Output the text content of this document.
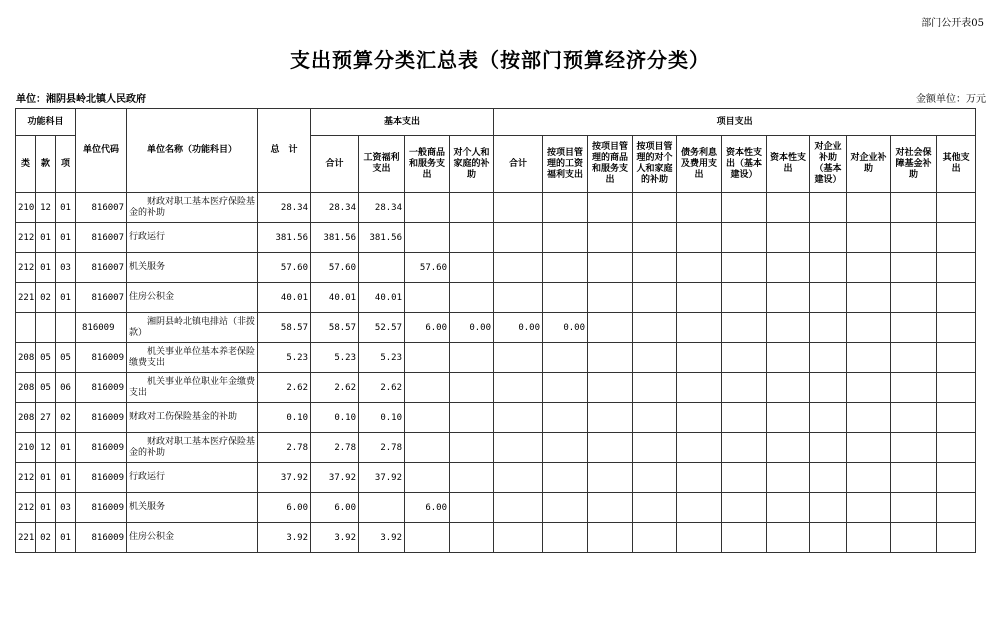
部门公开表05
支出预算分类汇总表（按部门预算经济分类）
单位：湘阴县岭北镇人民政府	金额单位：万元
功能科目			单位代码	单位名称（功能科目）	总　计	基本支出				项目支出										
类	款	项				合计	工资福利支出	一般商品和服务支出	对个人和家庭的补助	合计	按项目管理的工资福利支出	按项目管理的商品和服务支出	按项目管理的对个人和家庭的补助	债务利息及费用支出	资本性支出（基本建设）	资本性支出	对企业补助（基本建设）	对企业补助	对社会保障基金补助	其他支出
210	12	01	816007	财政对职工基本医疗保险基金的补助	28.34	28.34	28.34													
212	01	01	816007	行政运行	381.56	381.56	381.56													
212	01	03	816007	机关服务	57.60	57.60		57.60												
221	02	01	816007	住房公积金	40.01	40.01	40.01													
			816009	湘阴县岭北镇电排站（非拨款）	58.57	58.57	52.57	6.00	0.00	0.00	0.00									
208	05	05	816009	机关事业单位基本养老保险缴费支出	5.23	5.23	5.23													
208	05	06	816009	机关事业单位职业年金缴费支出	2.62	2.62	2.62													
208	27	02	816009	财政对工伤保险基金的补助	0.10	0.10	0.10													
210	12	01	816009	财政对职工基本医疗保险基金的补助	2.78	2.78	2.78													
212	01	01	816009	行政运行	37.92	37.92	37.92													
212	01	03	816009	机关服务	6.00	6.00		6.00												
221	02	01	816009	住房公积金	3.92	3.92	3.92													
